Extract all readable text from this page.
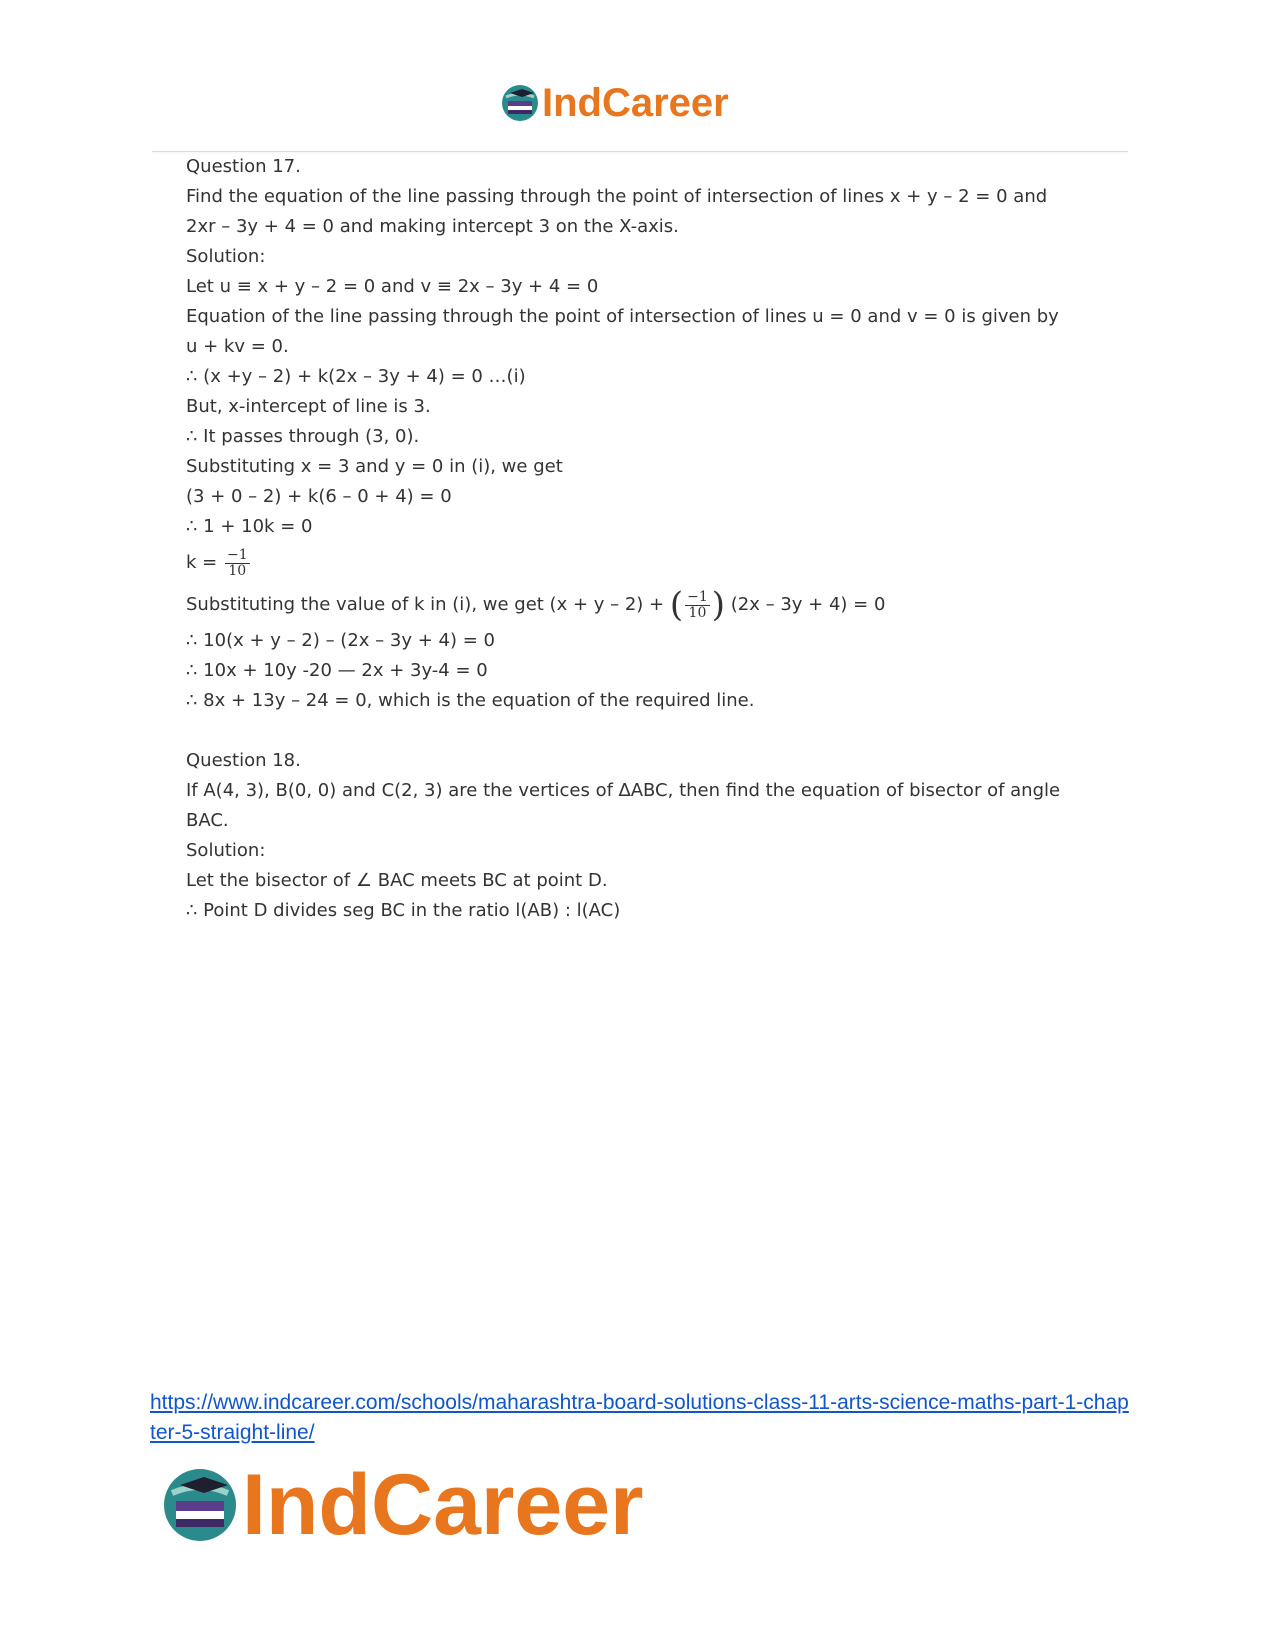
IndCareer
Question 17.
Find the equation of the line passing through the point of intersection of lines x + y – 2 = 0 and
2xr – 3y + 4 = 0 and making intercept 3 on the X-axis.
Solution:
Let u ≡ x + y – 2 = 0 and v ≡ 2x – 3y + 4 = 0
Equation of the line passing through the point of intersection of lines u = 0 and v = 0 is given by
u + kv = 0.
∴ (x +y – 2) + k(2x – 3y + 4) = 0 …(i)
But, x-intercept of line is 3.
∴ It passes through (3, 0).
Substituting x = 3 and y = 0 in (i), we get
(3 + 0 – 2) + k(6 – 0 + 4) = 0
∴ 1 + 10k = 0
$k = \frac{-1}{10}$
Substituting the value of k in (i), we get (x + y – 2) + ( $\frac{-1}{10}$ ) (2x – 3y + 4) = 0
∴ 10(x + y – 2) – (2x – 3y + 4) = 0
∴ 10x + 10y -20 — 2x + 3y-4 = 0
∴ 8x + 13y – 24 = 0, which is the equation of the required line.
Question 18.
If A(4, 3), B(0, 0) and C(2, 3) are the vertices of ∆ABC, then find the equation of bisector of angle
BAC.
Solution:
Let the bisector of ∠ BAC meets BC at point D.
∴ Point D divides seg BC in the ratio l(AB) : l(AC)
https://www.indcareer.com/schools/maharashtra-board-solutions-class-11-arts-science-maths-part-1-chapter-5-straight-line/
IndCareer
